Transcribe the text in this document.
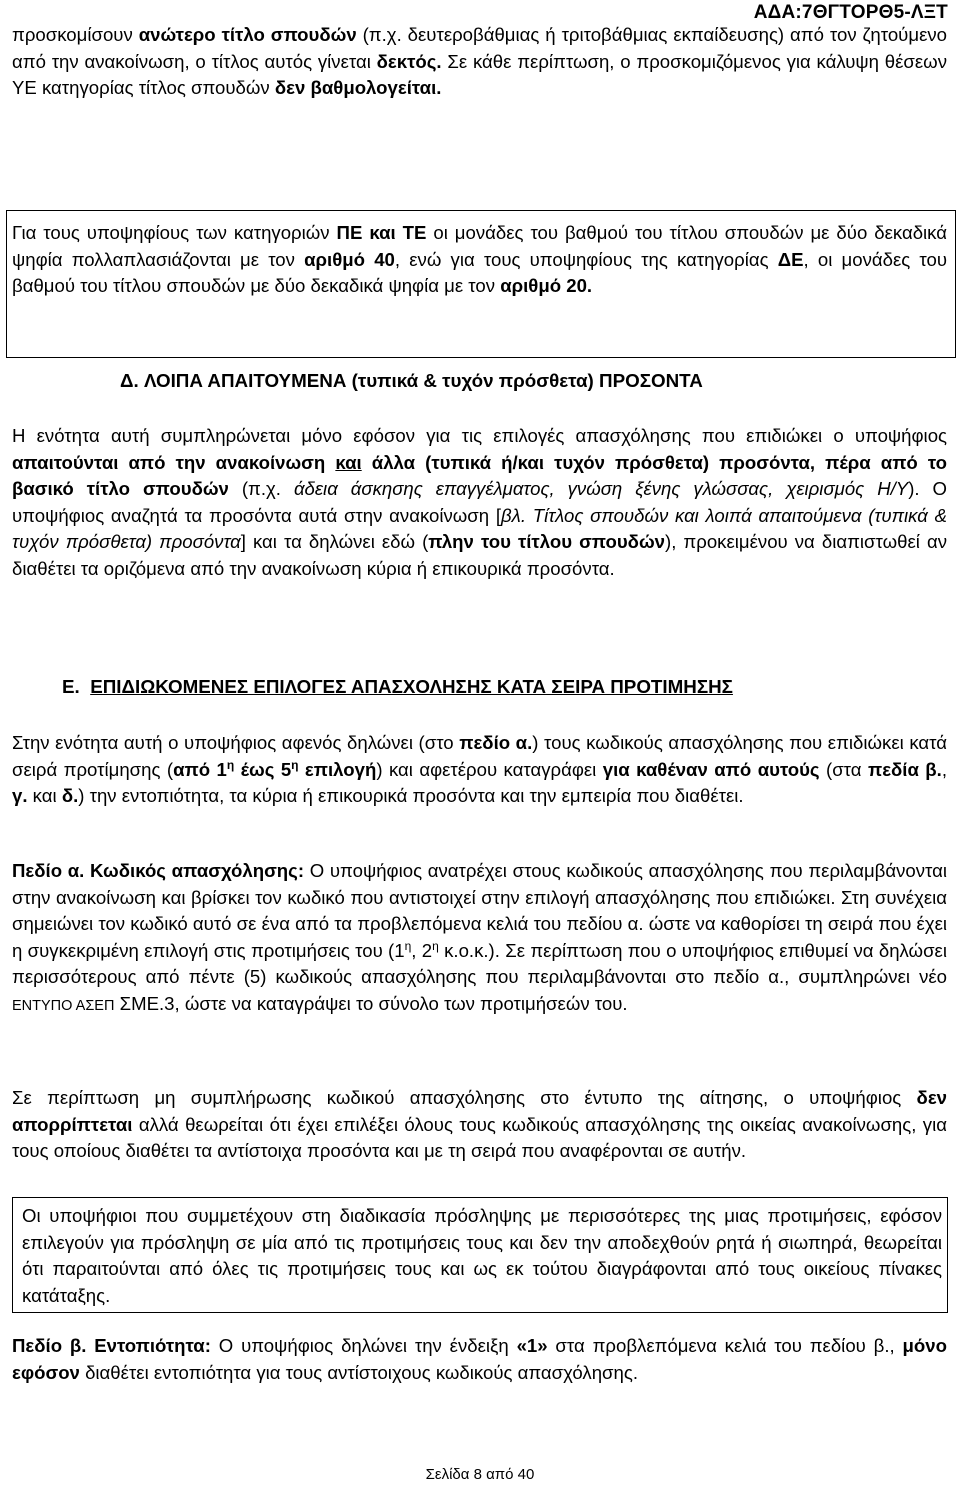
ΑΔΑ:7ΘΓΤΟΡΘ5-ΛΞΤ

προσκομίσουν ανώτερο τίτλο σπουδών (π.χ. δευτεροβάθμιας ή τριτοβάθμιας εκπαίδευσης) από τον ζητούμενο από την ανακοίνωση, ο τίτλος αυτός γίνεται δεκτός. Σε κάθε περίπτωση, ο προσκομιζόμενος για κάλυψη θέσεων ΥΕ κατηγορίας τίτλος σπουδών δεν βαθμολογείται.

Για τους υποψηφίους των κατηγοριών ΠΕ και ΤΕ οι μονάδες του βαθμού του τίτλου σπουδών με δύο δεκαδικά ψηφία πολλαπλασιάζονται με τον αριθμό 40, ενώ για τους υποψηφίους της κατηγορίας ΔΕ, οι μονάδες του βαθμού του τίτλου σπουδών με δύο δεκαδικά ψηφία με τον αριθμό 20.

Δ. ΛΟΙΠΑ ΑΠΑΙΤΟΥΜΕΝΑ (τυπικά & τυχόν πρόσθετα) ΠΡΟΣΟΝΤΑ

Η ενότητα αυτή συμπληρώνεται μόνο εφόσον για τις επιλογές απασχόλησης που επιδιώκει ο υποψήφιος απαιτούνται από την ανακοίνωση και άλλα (τυπικά ή/και τυχόν πρόσθετα) προσόντα, πέρα από το βασικό τίτλο σπουδών (π.χ. άδεια άσκησης επαγγέλματος, γνώση ξένης γλώσσας, χειρισμός Η/Υ). Ο υποψήφιος αναζητά τα προσόντα αυτά στην ανακοίνωση [βλ. Τίτλος σπουδών και λοιπά απαιτούμενα (τυπικά & τυχόν πρόσθετα) προσόντα] και τα δηλώνει εδώ (πλην του τίτλου σπουδών), προκειμένου να διαπιστωθεί αν διαθέτει τα οριζόμενα από την ανακοίνωση κύρια ή επικουρικά προσόντα.

Ε. ΕΠΙΔΙΩΚΟΜΕΝΕΣ ΕΠΙΛΟΓΕΣ ΑΠΑΣΧΟΛΗΣΗΣ ΚΑΤΑ ΣΕΙΡΑ ΠΡΟΤΙΜΗΣΗΣ

Στην ενότητα αυτή ο υποψήφιος αφενός δηλώνει (στο πεδίο α.) τους κωδικούς απασχόλησης που επιδιώκει κατά σειρά προτίμησης (από $1^\eta$ έως $5^\eta$ επιλογή) και αφετέρου καταγράφει για καθέναν από αυτούς (στα πεδία β., γ. και δ.) την εντοπιότητα, τα κύρια ή επικουρικά προσόντα και την εμπειρία που διαθέτει.

Πεδίο α. Κωδικός απασχόλησης: Ο υποψήφιος ανατρέχει στους κωδικούς απασχόλησης που περιλαμβάνονται στην ανακοίνωση και βρίσκει τον κωδικό που αντιστοιχεί στην επιλογή απασχόλησης που επιδιώκει. Στη συνέχεια σημειώνει τον κωδικό αυτό σε ένα από τα προβλεπόμενα κελιά του πεδίου α. ώστε να καθορίσει τη σειρά που έχει η συγκεκριμένη επιλογή στις προτιμήσεις του ($1^\eta$, $2^\eta$ κ.ο.κ.). Σε περίπτωση που ο υποψήφιος επιθυμεί να δηλώσει περισσότερους από πέντε (5) κωδικούς απασχόλησης που περιλαμβάνονται στο πεδίο α., συμπληρώνει νέο ΕΝΤΥΠΟ ΑΣΕΠ ΣΜΕ.3, ώστε να καταγράψει το σύνολο των προτιμήσεών του.

Σε περίπτωση μη συμπλήρωσης κωδικού απασχόλησης στο έντυπο της αίτησης, ο υποψήφιος δεν απορρίπτεται αλλά θεωρείται ότι έχει επιλέξει όλους τους κωδικούς απασχόλησης της οικείας ανακοίνωσης, για τους οποίους διαθέτει τα αντίστοιχα προσόντα και με τη σειρά που αναφέρονται σε αυτήν.

Οι υποψήφιοι που συμμετέχουν στη διαδικασία πρόσληψης με περισσότερες της μιας προτιμήσεις, εφόσον επιλεγούν για πρόσληψη σε μία από τις προτιμήσεις τους και δεν την αποδεχθούν ρητά ή σιωπηρά, θεωρείται ότι παραιτούνται από όλες τις προτιμήσεις τους και ως εκ τούτου διαγράφονται από τους οικείους πίνακες κατάταξης.

Πεδίο β. Εντοπιότητα: Ο υποψήφιος δηλώνει την ένδειξη «1» στα προβλεπόμενα κελιά του πεδίου β., μόνο εφόσον διαθέτει εντοπιότητα για τους αντίστοιχους κωδικούς απασχόλησης.

Σελίδα 8 από 40
